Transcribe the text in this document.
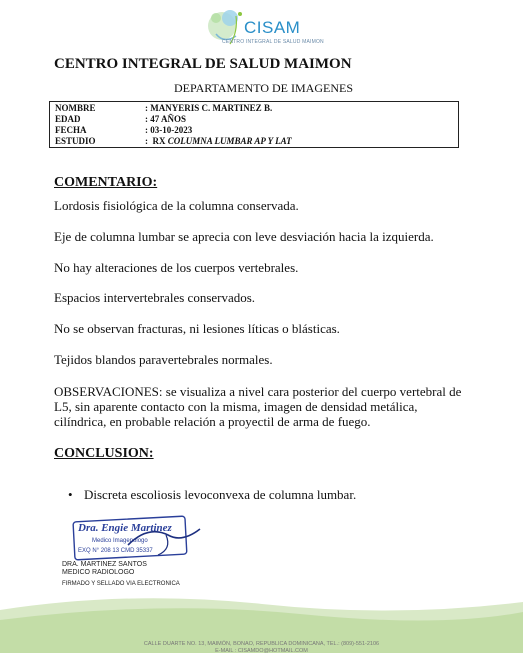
CISAM
CENTRO INTEGRAL DE SALUD MAIMON
CENTRO INTEGRAL DE SALUD MAIMON
DEPARTAMENTO DE IMAGENES
NOMBRE	: MANYERIS C. MARTINEZ B.
EDAD	: 47 AÑOS
FECHA	: 03-10-2023
ESTUDIO	:  RX COLUMNA LUMBAR AP Y LAT
COMENTARIO:
Lordosis fisiológica de la columna conservada.
Eje de columna lumbar se aprecia con leve desviación hacia la izquierda.
No hay alteraciones de los cuerpos vertebrales.
Espacios intervertebrales conservados.
No se observan fracturas, ni lesiones líticas o blásticas.
Tejidos blandos paravertebrales normales.
OBSERVACIONES: se visualiza a nivel cara posterior del cuerpo vertebral de L5, sin aparente contacto con la misma, imagen de densidad metálica, cilíndrica, en probable relación a proyectil de arma de fuego.
CONCLUSION:
• Discreta escoliosis levoconvexa de columna lumbar.
Dra. Engie Martinez
Medico Imagenologo
EXQ N° 208 13 CMD 35337
DRA. MARTINEZ SANTOS
MEDICO RADIOLOGO
FIRMADO Y SELLADO VIA ELECTRONICA
CALLE DUARTE NO. 13, MAIMÓN, BONAO, REPUBLICA DOMINICANA, TEL.: (809)-551-2106
E-MAIL : CISAMDO@HOTMAIL.COM
